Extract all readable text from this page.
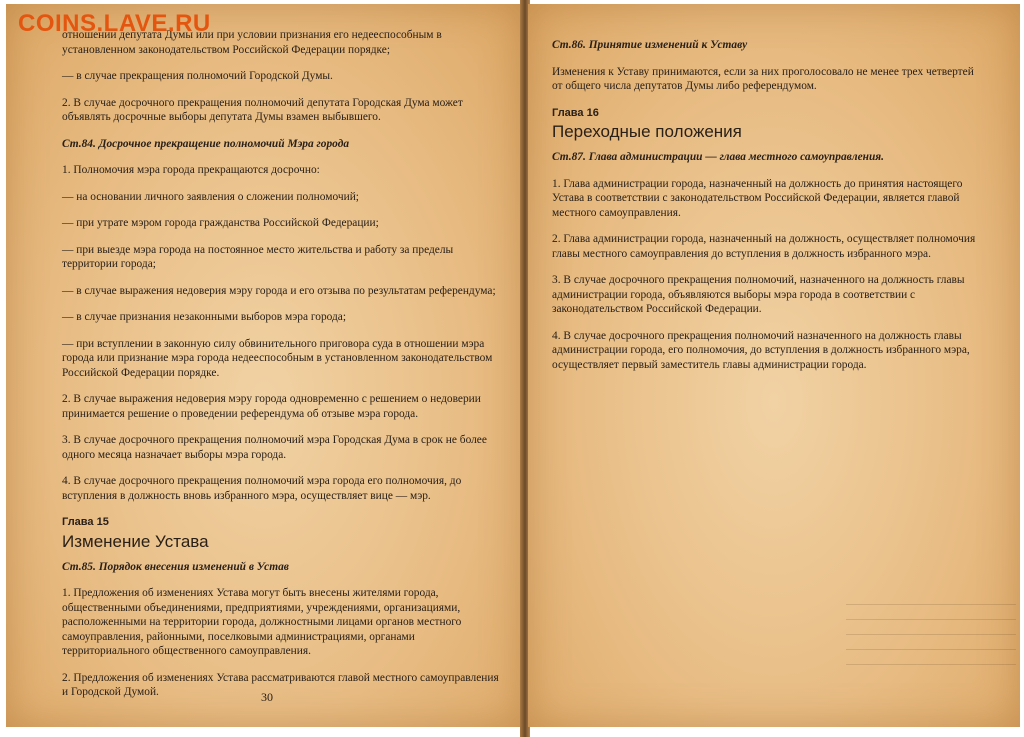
COINS.LAVE.RU

отношении депутата Думы или при условии признания его недееспособным в установленном законодательством Российской Федерации порядке;

— в случае прекращения полномочий Городской Думы.

2. В случае досрочного прекращения полномочий депутата Городская Дума может объявлять досрочные выборы депутата Думы взамен выбывшего.

Ст.84. Досрочное прекращение полномочий Мэра города

1. Полномочия мэра города прекращаются досрочно:

— на основании личного заявления о сложении полномочий;

— при утрате мэром города гражданства Российской Федерации;

— при выезде мэра города на постоянное место жительства и работу за пределы территории города;

— в случае выражения недоверия мэру города и его отзыва по результатам референдума;

— в случае признания незаконными выборов мэра города;

— при вступлении в законную силу обвинительного приговора суда в отношении мэра города или признание мэра города недееспособным в установленном законодательством Российской Федерации порядке.

2. В случае выражения недоверия мэру города одновременно с решением о недоверии принимается решение о проведении референдума об отзыве мэра города.

3. В случае досрочного прекращения полномочий мэра Городская Дума в срок не более одного месяца назначает выборы мэра города.

4. В случае досрочного прекращения полномочий мэра города его полномочия, до вступления в должность вновь избранного мэра, осуществляет вице — мэр.

Глава 15

Изменение Устава

Ст.85. Порядок внесения изменений в Устав

1. Предложения об изменениях Устава могут быть внесены жителями города, общественными объединениями, предприятиями, учреждениями, организациями, расположенными на территории города, должностными лицами органов местного самоуправления, районными, поселковыми администрациями, органами территориального общественного самоуправления.

2. Предложения об изменениях Устава рассматриваются главой местного самоуправления и Городской Думой.	30

Ст.86. Принятие изменений к Уставу

Изменения к Уставу принимаются, если за них проголосовало не менее трех четвертей от общего числа депутатов Думы либо референдумом.

Глава 16

Переходные положения

Ст.87. Глава администрации — глава местного самоуправления.

1. Глава администрации города, назначенный на должность до принятия настоящего Устава в соответствии с законодательством Российской Федерации, является главой местного самоуправления.

2. Глава администрации города, назначенный на должность, осуществляет полномочия главы местного самоуправления до вступления в должность избранного мэра.

3. В случае досрочного прекращения полномочий, назначенного на должность главы администрации города, объявляются выборы мэра города в соответствии с законодательством Российской Федерации.

4. В случае досрочного прекращения полномочий назначенного на должность главы администрации города, его полномочия, до вступления в должность избранного мэра, осуществляет первый заместитель главы администрации города.
